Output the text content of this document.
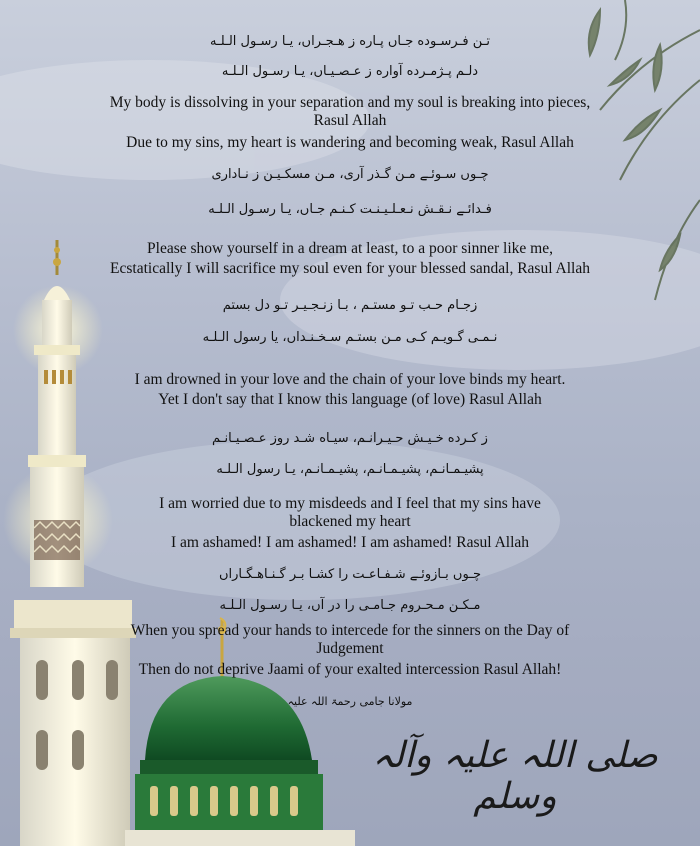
تـن فـرسـوده جـاں پـاره ز هـجـراں، یـا رسـول الـلـه
دلـم پـژمـرده آواره ز عـصـیـاں، یـا رسـول الـلـه
My body is dissolving in your separation and my soul is breaking into pieces, Rasul Allah
Due to my sins, my heart is wandering and becoming weak, Rasul Allah
چـوں سـوئـے مـن گـذر آری، مـن مسکـیـن ز نـاداری
فـدائـے نـقـش نـعـلـیـنـت کـنـم جـاں، یـا رسـول الـلـه
Please show yourself in a dream at least, to a poor sinner like me,
Ecstatically I will sacrifice my soul even for your blessed sandal, Rasul Allah
زجـام حـب تـو مستـم ، بـا زنـجـیـر تـو دل بستم
نـمـی گـویـم کـی مـن بستـم سـخـنـداں، یا رسول الـلـه
I am drowned in your love and the chain of your love binds my heart.
Yet I don't say that I know this language (of love) Rasul Allah
ز کـرده خـیـش حـیـرانـم، سیـاه شـد روز عـصـیـانـم
پشیـمـانـم، پشیـمـانـم، پشیـمـانـم، یـا رسول الـلـه
I am worried due to my misdeeds and I feel that my sins have blackened my heart
I am ashamed! I am ashamed! I am ashamed! Rasul Allah
چـوں بـازوئـے شـفـاعـت را کشـا بـر گـنـاهـگـاراں
مـکـن مـحـروم جـامـی را در آں، یـا رسـول الـلـه
When you spread your hands to intercede for the sinners on the Day of Judgement
Then do not deprive Jaami of your exalted intercession Rasul Allah!
مولانا جامی رحمۃ اللہ علیہ
صلی اللہ علیہ وآلہ وسلم
